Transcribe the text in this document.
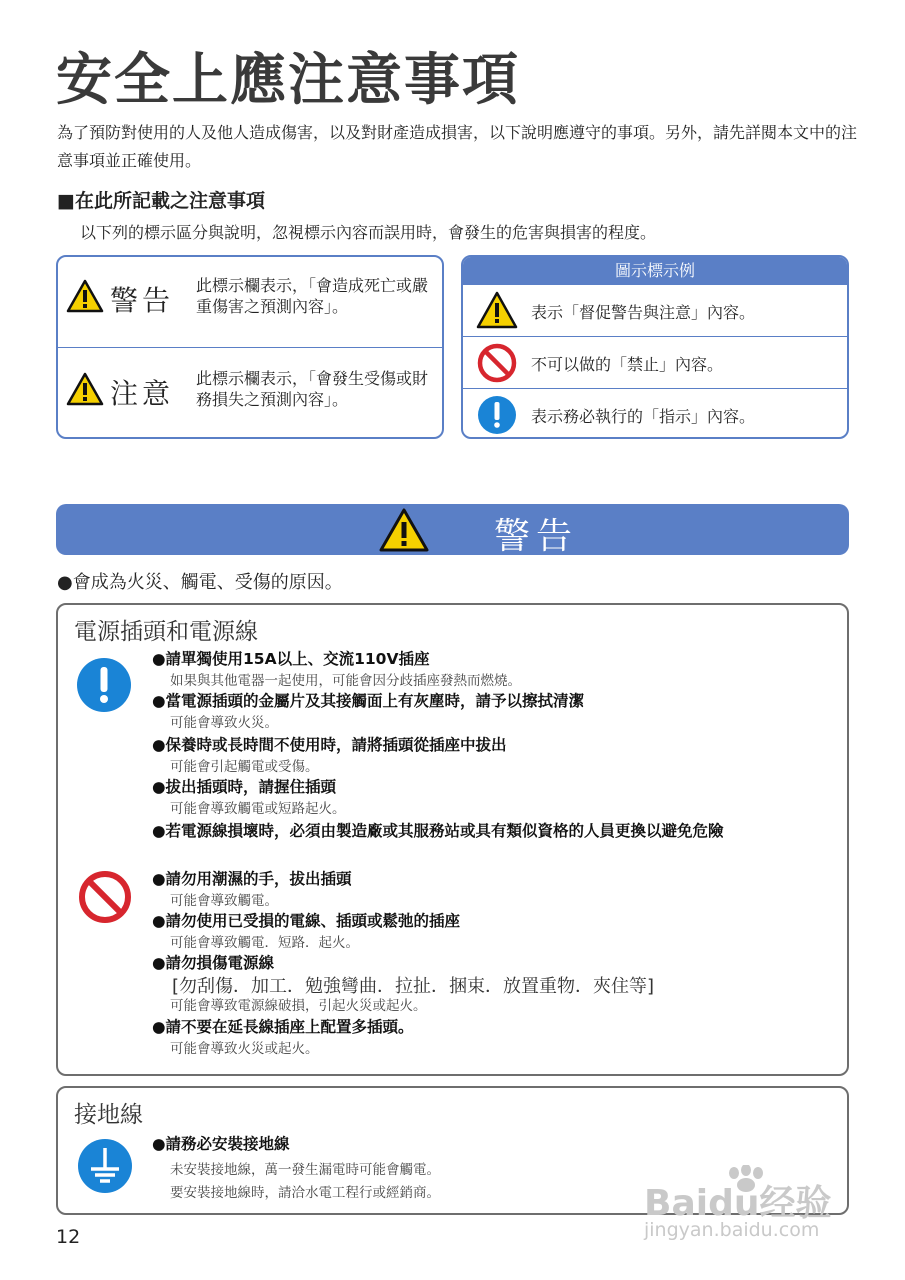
安全上應注意事項
為了預防對使用的人及他人造成傷害，以及對財產造成損害，以下說明應遵守的事項。另外，請先詳閱本文中的注意事項並正確使用。
■在此所記載之注意事項
以下列的標示區分與說明，忽視標示內容而誤用時，會發生的危害與損害的程度。
警告 此標示欄表示，「會造成死亡或嚴重傷害之預測內容」。
注意 此標示欄表示，「會發生受傷或財務損失之預測內容」。
圖示標示例
表示「督促警告與注意」內容。
不可以做的「禁止」內容。
表示務必執行的「指示」內容。
警告
●會成為火災、觸電、受傷的原因。
電源插頭和電源線
●請單獨使用15A以上、交流110V插座
如果與其他電器一起使用，可能會因分歧插座發熱而燃燒。
●當電源插頭的金屬片及其接觸面上有灰塵時，請予以擦拭清潔
可能會導致火災。
●保養時或長時間不使用時，請將插頭從插座中拔出
可能會引起觸電或受傷。
●拔出插頭時，請握住插頭
可能會導致觸電或短路起火。
●若電源線損壞時，必須由製造廠或其服務站或具有類似資格的人員更換以避免危險
●請勿用潮濕的手，拔出插頭
可能會導致觸電。
●請勿使用已受損的電線、插頭或鬆弛的插座
可能會導致觸電．短路．起火。
●請勿損傷電源線
[勿刮傷．加工．勉強彎曲．拉扯．捆束．放置重物．夾住等]
可能會導致電源線破損，引起火災或起火。
●請不要在延長線插座上配置多插頭。
可能會導致火災或起火。
接地線
●請務必安裝接地線
未安裝接地線，萬一發生漏電時可能會觸電。
要安裝接地線時，請洽水電工程行或經銷商。
12
Baidu经验
jingyan.baidu.com
